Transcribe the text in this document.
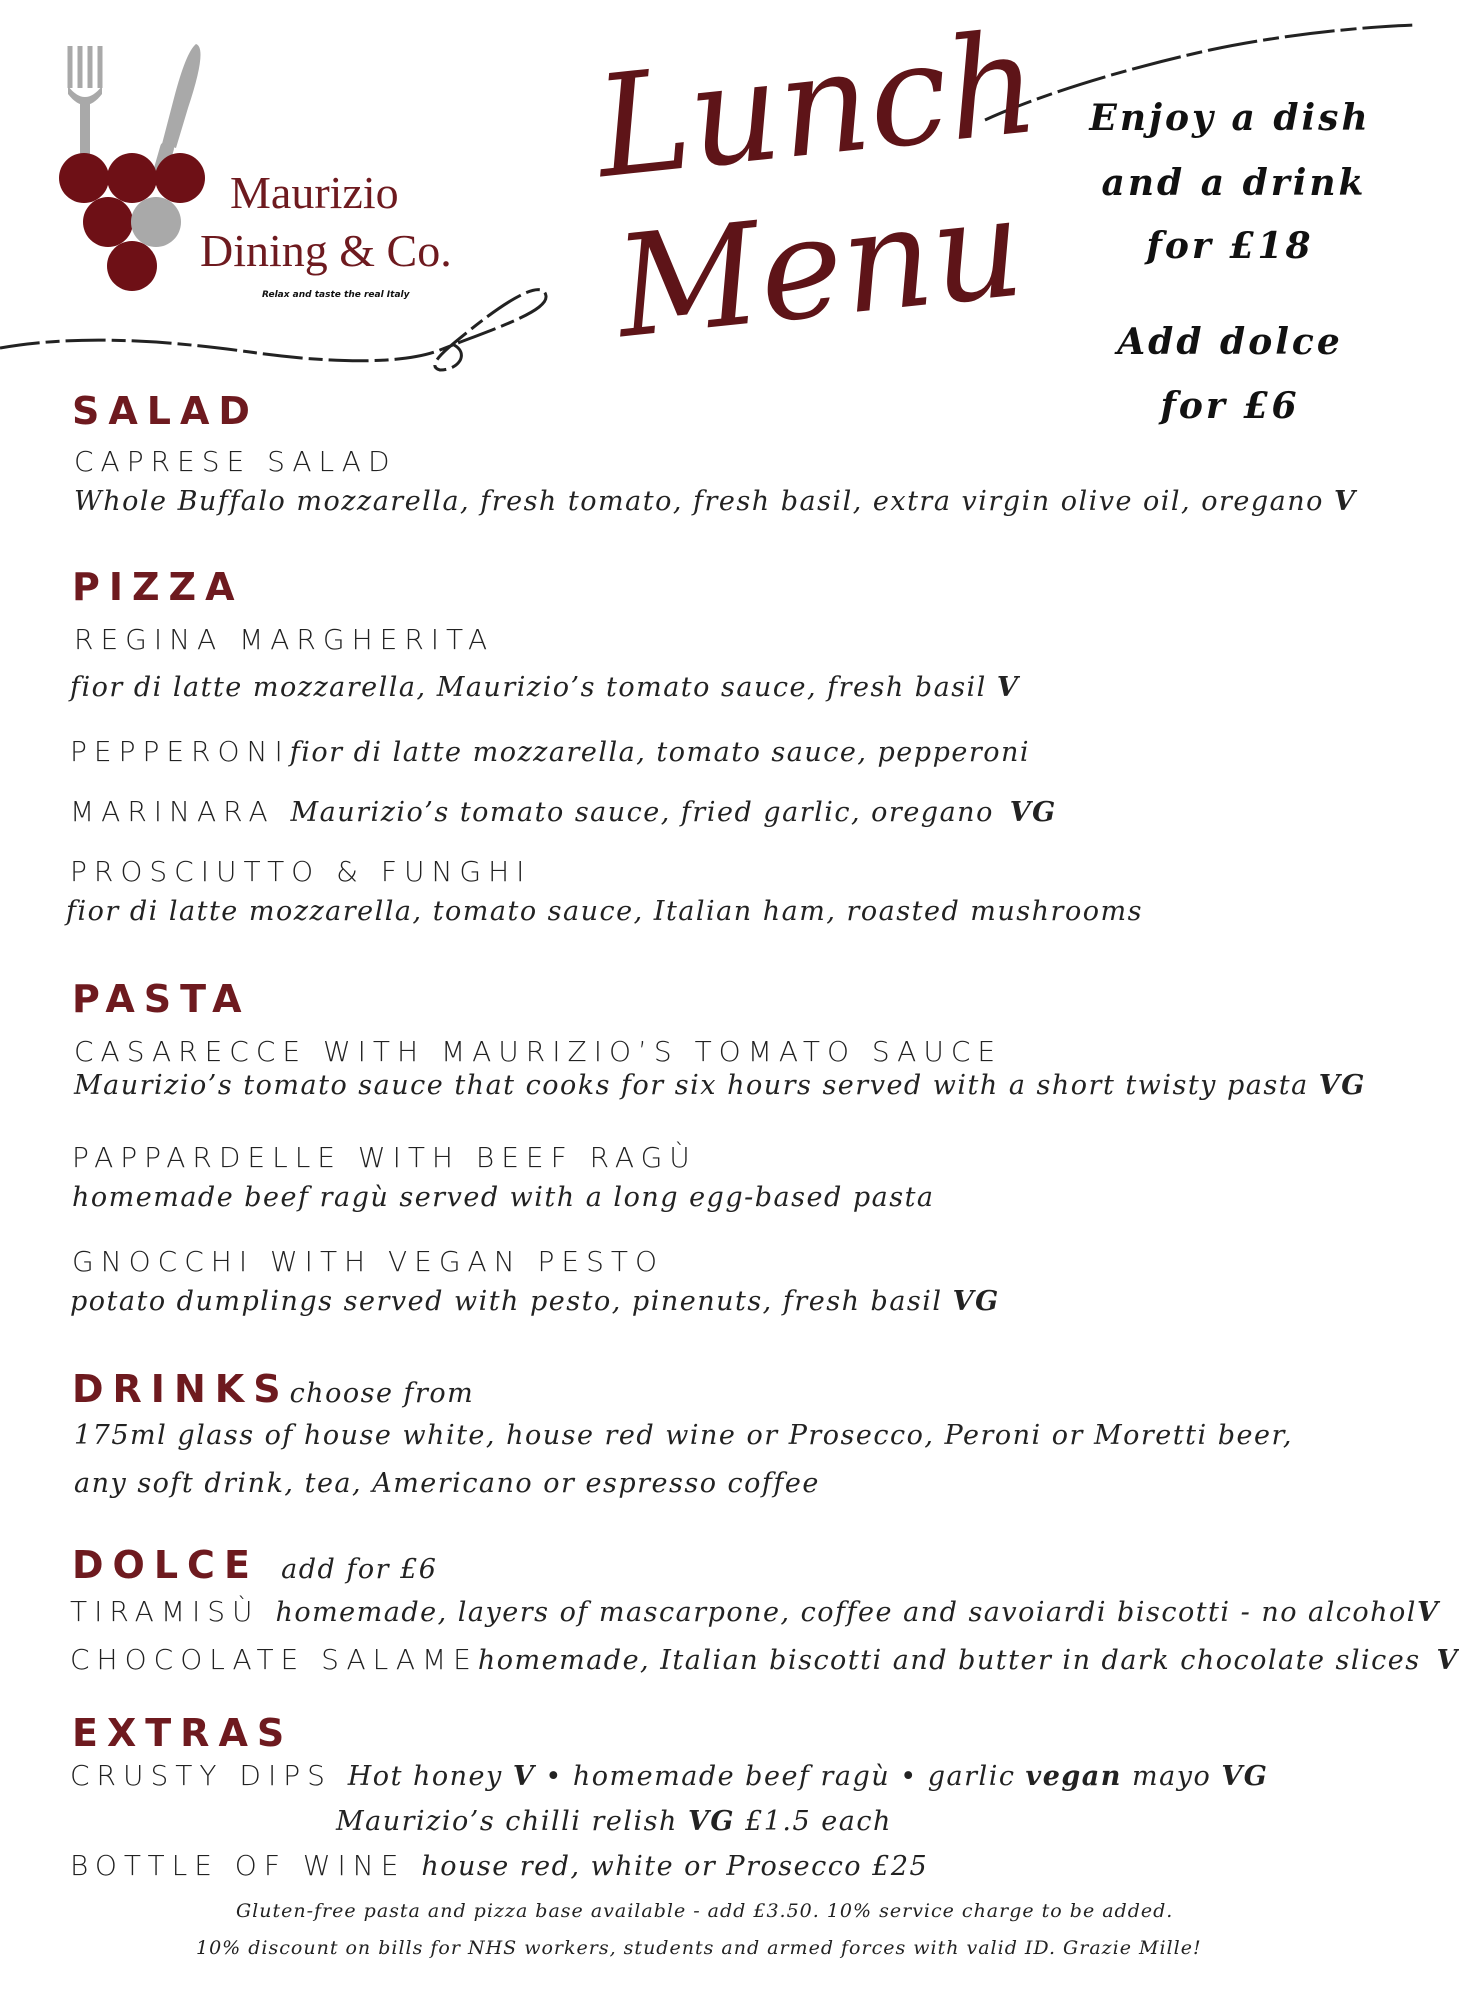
Maurizio
Dining & Co.
Relax and taste the real Italy
Lunch
Menu
Enjoy a dish
and a drink
for £18
Add dolce
for £6
SALAD
CAPRESE SALAD
Whole Buffalo mozzarella, fresh tomato, fresh basil, extra virgin olive oil, oregano V
PIZZA
REGINA MARGHERITA
fior di latte mozzarella, Maurizio’s tomato sauce, fresh basil V
PEPPERONIfior di latte mozzarella, tomato sauce, pepperoni
MARINARA Maurizio’s tomato sauce, fried garlic, oregano VG
PROSCIUTTO & FUNGHI
fior di latte mozzarella, tomato sauce, Italian ham, roasted mushrooms
PASTA
CASARECCE WITH MAURIZIO’S TOMATO SAUCE
Maurizio’s tomato sauce that cooks for six hours served with a short twisty pasta VG
PAPPARDELLE WITH BEEF RAGÙ
homemade beef ragù served with a long egg-based pasta
GNOCCHI WITH VEGAN PESTO
potato dumplings served with pesto, pinenuts, fresh basil VG
DRINKSchoose from
175ml glass of house white, house red wine or Prosecco, Peroni or Moretti beer,
any soft drink, tea, Americano or espresso coffee
DOLCE add for £6
TIRAMISÙ homemade, layers of mascarpone, coffee and savoiardi biscotti - no alcoholV
CHOCOLATE SALAMEhomemade, Italian biscotti and butter in dark chocolate slices V
EXTRAS
CRUSTY DIPS Hot honey V • homemade beef ragù • garlic vegan mayo VG
Maurizio’s chilli relish VG £1.5 each
BOTTLE OF WINE house red, white or Prosecco £25
Gluten-free pasta and pizza base available - add £3.50. 10% service charge to be added.
10% discount on bills for NHS workers, students and armed forces with valid ID. Grazie Mille!
